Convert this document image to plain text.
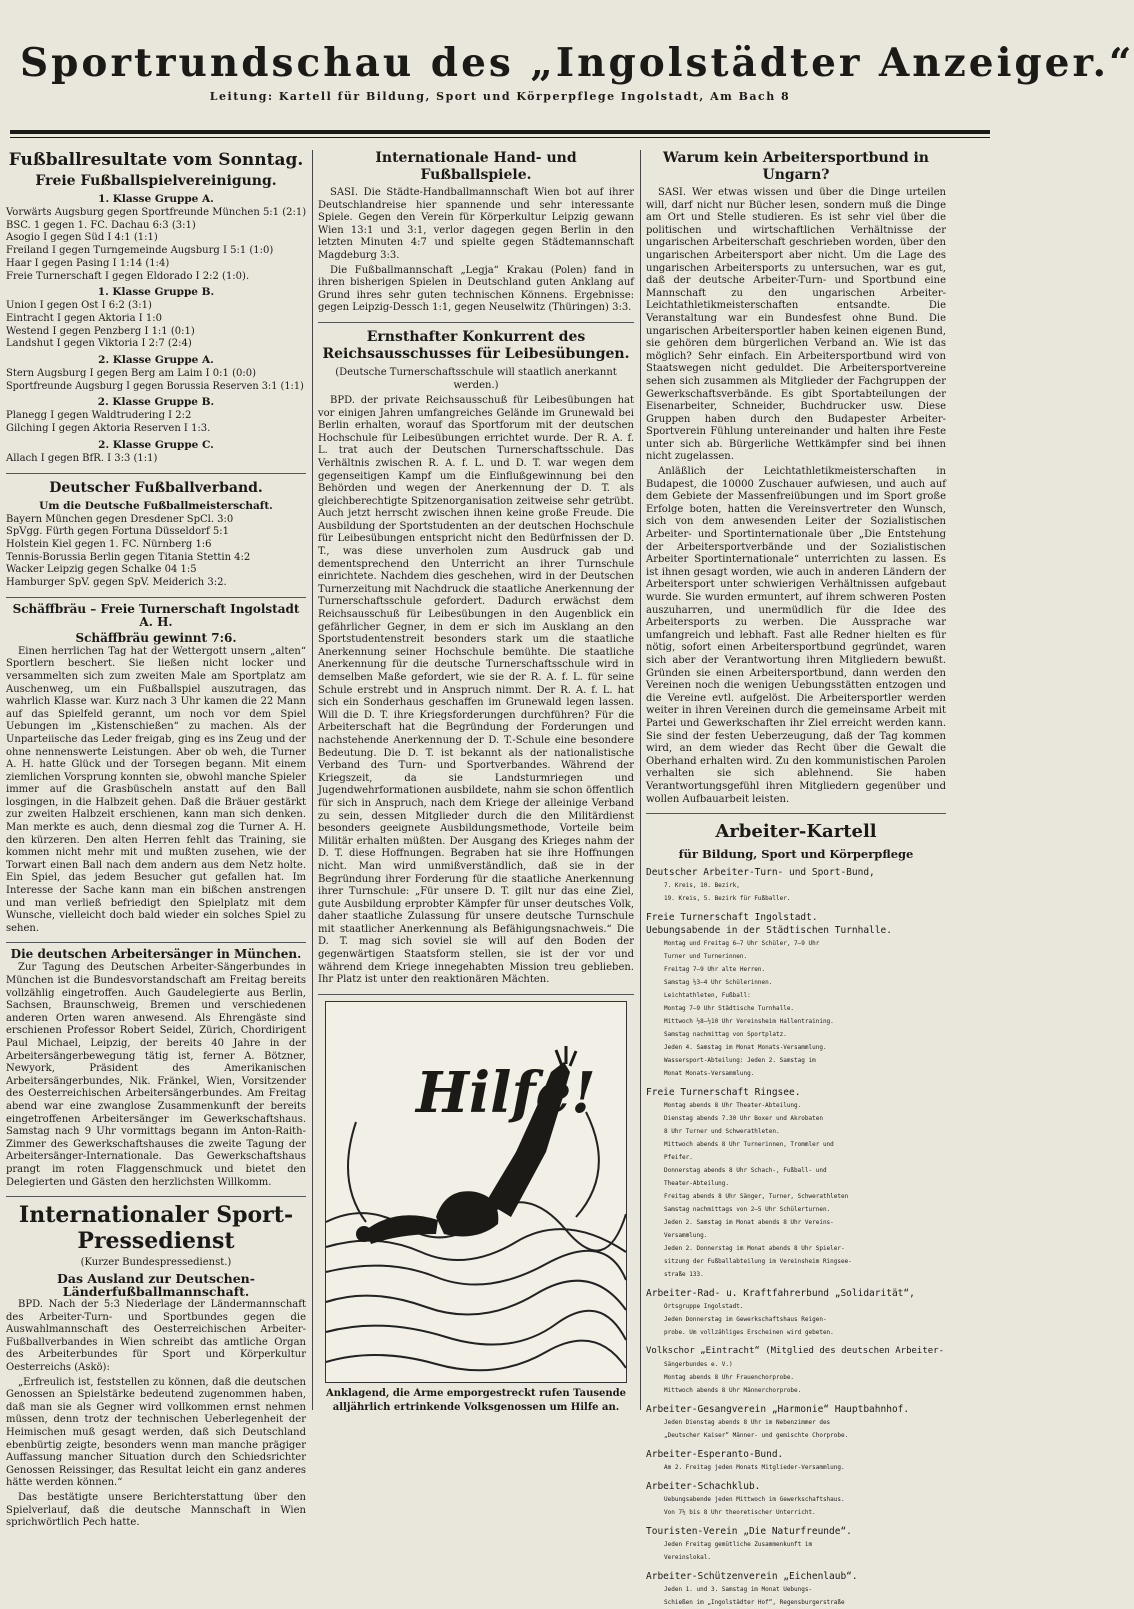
Sportrundschau des „Ingolstädter Anzeiger.“
Leitung: Kartell für Bildung, Sport und Körperpflege Ingolstadt, Am Bach 8
Fußballresultate vom Sonntag.
Freie Fußballspielvereinigung.
1. Klasse Gruppe A.
Vorwärts Augsburg gegen Sportfreunde München 5:1 (2:1)
BSC. 1 gegen 1. FC. Dachau 6:3 (3:1)
Asogio I gegen Süd I 4:1 (1:1)
Freiland I gegen Turngemeinde Augsburg I 5:1 (1:0)
Haar I gegen Pasing I 1:14 (1:4)
Freie Turnerschaft I gegen Eldorado I 2:2 (1:0).
1. Klasse Gruppe B.
Union I gegen Ost I 6:2 (3:1)
Eintracht I gegen Aktoria I 1:0
Westend I gegen Penzberg I 1:1 (0:1)
Landshut I gegen Viktoria I 2:7 (2:4)
2. Klasse Gruppe A.
Stern Augsburg I gegen Berg am Laim I 0:1 (0:0)
Sportfreunde Augsburg I gegen Borussia Reserven 3:1 (1:1)
2. Klasse Gruppe B.
Planegg I gegen Waldtrudering I 2:2
Gilching I gegen Aktoria Reserven I 1:3.
2. Klasse Gruppe C.
Allach I gegen BfR. I 3:3 (1:1)
Deutscher Fußballverband.
Um die Deutsche Fußballmeisterschaft.
Bayern München gegen Dresdener SpCl. 3:0
SpVgg. Fürth gegen Fortuna Düsseldorf 5:1
Holstein Kiel gegen 1. FC. Nürnberg 1:6
Tennis-Borussia Berlin gegen Titania Stettin 4:2
Wacker Leipzig gegen Schalke 04 1:5
Hamburger SpV. gegen SpV. Meiderich 3:2.
Schäffbräu – Freie Turnerschaft Ingolstadt A. H.
Schäffbräu gewinnt 7:6.

Einen herrlichen Tag hat der Wettergott unsern „alten“ Sportlern beschert. Sie ließen nicht locker und versammelten sich zum zweiten Male am Sportplatz am Auschenweg, um ein Fußballspiel auszutragen, das wahrlich Klasse war. Kurz nach 3 Uhr kamen die 22 Mann auf das Spielfeld gerannt, um noch vor dem Spiel Uebungen im „Kistenschießen“ zu machen. Als der Unparteiische das Leder freigab, ging es ins Zeug und der ohne nennenswerte Leistungen. Aber ob weh, die Turner A. H. hatte Glück und der Torsegen begann. Mit einem ziemlichen Vorsprung konnten sie, obwohl manche Spieler immer auf die Grasbüscheln anstatt auf den Ball losgingen, in die Halbzeit gehen. Daß die Bräuer gestärkt zur zweiten Halbzeit erschienen, kann man sich denken. Man merkte es auch, denn diesmal zog die Turner A. H. den kürzeren. Den alten Herren fehlt das Training, sie kommen nicht mehr mit und mußten zusehen, wie der Torwart einen Ball nach dem andern aus dem Netz holte. Ein Spiel, das jedem Besucher gut gefallen hat. Im Interesse der Sache kann man ein bißchen anstrengen und man verließ befriedigt den Spielplatz mit dem Wunsche, vielleicht doch bald wieder ein solches Spiel zu sehen.

Die deutschen Arbeitersänger in München.

Zur Tagung des Deutschen Arbeiter-Sängerbundes in München ist die Bundesvorstandschaft am Freitag bereits vollzählig eingetroffen. Auch Gaudelegierte aus Berlin, Sachsen, Braunschweig, Bremen und verschiedenen anderen Orten waren anwesend. Als Ehrengäste sind erschienen Professor Robert Seidel, Zürich, Chordirigent Paul Michael, Leipzig, der bereits 40 Jahre in der Arbeitersängerbewegung tätig ist, ferner A. Bötzner, Newyork, Präsident des Amerikanischen Arbeitersängerbundes, Nik. Fränkel, Wien, Vorsitzender des Oesterreichischen Arbeitersängerbundes. Am Freitag abend war eine zwanglose Zusammenkunft der bereits eingetroffenen Arbeitersänger im Gewerkschaftshaus. Samstag nach 9 Uhr vormittags begann im Anton-Raith-Zimmer des Gewerkschaftshauses die zweite Tagung der Arbeitersänger-Internationale. Das Gewerkschaftshaus prangt im roten Flaggenschmuck und bietet den Delegierten und Gästen den herzlichsten Willkomm.

Internationaler Sport-Pressedienst
(Kurzer Bundespressedienst.)
Das Ausland zur Deutschen-Länderfußballmannschaft.

BPD. Nach der 5:3 Niederlage der Ländermannschaft des Arbeiter-Turn- und Sportbundes gegen die Auswahlmannschaft des Oesterreichischen Arbeiter-Fußballverbandes in Wien schreibt das amtliche Organ des Arbeiterbundes für Sport und Körperkultur Oesterreichs (Askö):

„Erfreulich ist, feststellen zu können, daß die deutschen Genossen an Spielstärke bedeutend zugenommen haben, daß man sie als Gegner wird vollkommen ernst nehmen müssen, denn trotz der technischen Ueberlegenheit der Heimischen muß gesagt werden, daß sich Deutschland ebenbürtig zeigte, besonders wenn man manche prägiger Auffassung mancher Situation durch den Schiedsrichter Genossen Reissinger, das Resultat leicht ein ganz anderes hätte werden können.“

Das bestätigte unsere Berichterstattung über den Spielverlauf, daß die deutsche Mannschaft in Wien sprichwörtlich Pech hatte.

Internationale Hand- und Fußballspiele.

SASI. Die Städte-Handballmannschaft Wien bot auf ihrer Deutschlandreise hier spannende und sehr interessante Spiele. Gegen den Verein für Körperkultur Leipzig gewann Wien 13:1 und 3:1, verlor dagegen gegen Berlin in den letzten Minuten 4:7 und spielte gegen Städtemannschaft Magdeburg 3:3.

Die Fußballmannschaft „Legja“ Krakau (Polen) fand in ihren bisherigen Spielen in Deutschland guten Anklang auf Grund ihres sehr guten technischen Könnens. Ergebnisse: gegen Leipzig-Dessch 1:1, gegen Neuselwitz (Thüringen) 3:3.

Ernsthafter Konkurrent des Reichsausschusses für Leibesübungen.
(Deutsche Turnerschaftsschule will staatlich anerkannt werden.)

BPD. der private Reichsausschuß für Leibesübungen hat vor einigen Jahren umfangreiches Gelände im Grunewald bei Berlin erhalten, worauf das Sportforum mit der deutschen Hochschule für Leibesübungen errichtet wurde. Der R. A. f. L. trat auch der Deutschen Turnerschaftsschule. Das Verhältnis zwischen R. A. f. L. und D. T. war wegen dem gegenseitigen Kampf um die Einflußgewinnung bei den Behörden und wegen der Anerkennung der D. T. als gleichberechtigte Spitzenorganisation zeitweise sehr getrübt. Auch jetzt herrscht zwischen ihnen keine große Freude. Die Ausbildung der Sportstudenten an der deutschen Hochschule für Leibesübungen entspricht nicht den Bedürfnissen der D. T., was diese unverholen zum Ausdruck gab und dementsprechend den Unterricht an ihrer Turnschule einrichtete. Nachdem dies geschehen, wird in der Deutschen Turnerzeitung mit Nachdruck die staatliche Anerkennung der Turnerschaftsschule gefordert. Dadurch erwächst dem Reichsausschuß für Leibesübungen in den Augenblick ein gefährlicher Gegner, in dem er sich im Ausklang an den Sportstudentenstreit besonders stark um die staatliche Anerkennung seiner Hochschule bemühte. Die staatliche Anerkennung für die deutsche Turnerschaftsschule wird in demselben Maße gefordert, wie sie der R. A. f. L. für seine Schule erstrebt und in Anspruch nimmt. Der R. A. f. L. hat sich ein Sonderhaus geschaffen im Grunewald legen lassen. Will die D. T. ihre Kriegsforderungen durchführen? Für die Arbeiterschaft hat die Begründung der Forderungen und nachstehende Anerkennung der D. T.-Schule eine besondere Bedeutung. Die D. T. ist bekannt als der nationalistische Verband des Turn- und Sportverbandes. Während der Kriegszeit, da sie Landsturmriegen und Jugendwehrformationen ausbildete, nahm sie schon öffentlich für sich in Anspruch, nach dem Kriege der alleinige Verband zu sein, dessen Mitglieder durch die den Militärdienst besonders geeignete Ausbildungsmethode, Vorteile beim Militär erhalten müßten. Der Ausgang des Krieges nahm der D. T. diese Hoffnungen. Begraben hat sie ihre Hoffnungen nicht. Man wird unmißverständlich, daß sie in der Begründung ihrer Forderung für die staatliche Anerkennung ihrer Turnschule: „Für unsere D. T. gilt nur das eine Ziel, gute Ausbildung erprobter Kämpfer für unser deutsches Volk, daher staatliche Zulassung für unsere deutsche Turnschule mit staatlicher Anerkennung als Befähigungsnachweis.“ Die D. T. mag sich soviel sie will auf den Boden der gegenwärtigen Staatsform stellen, sie ist der vor und während dem Kriege innegehabten Mission treu geblieben. Ihr Platz ist unter den reaktionären Mächten.

Hilfe!
Anklagend, die Arme emporgestreckt rufen Tausende alljährlich ertrinkende Volksgenossen um Hilfe an.
Warum kein Arbeitersportbund in Ungarn?

SASI. Wer etwas wissen und über die Dinge urteilen will, darf nicht nur Bücher lesen, sondern muß die Dinge am Ort und Stelle studieren. Es ist sehr viel über die politischen und wirtschaftlichen Verhältnisse der ungarischen Arbeiterschaft geschrieben worden, über den ungarischen Arbeitersport aber nicht. Um die Lage des ungarischen Arbeitersports zu untersuchen, war es gut, daß der deutsche Arbeiter-Turn- und Sportbund eine Mannschaft zu den ungarischen Arbeiter-Leichtathletikmeisterschaften entsandte. Die Veranstaltung war ein Bundesfest ohne Bund. Die ungarischen Arbeitersportler haben keinen eigenen Bund, sie gehören dem bürgerlichen Verband an. Wie ist das möglich? Sehr einfach. Ein Arbeitersportbund wird von Staatswegen nicht geduldet. Die Arbeitersportvereine sehen sich zusammen als Mitglieder der Fachgruppen der Gewerkschaftsverbände. Es gibt Sportabteilungen der Eisenarbeiter, Schneider, Buchdrucker usw. Diese Gruppen haben durch den Budapester Arbeiter-Sportverein Fühlung untereinander und halten ihre Feste unter sich ab. Bürgerliche Wettkämpfer sind bei ihnen nicht zugelassen.

Anläßlich der Leichtathletikmeisterschaften in Budapest, die 10000 Zuschauer aufwiesen, und auch auf dem Gebiete der Massenfreiübungen und im Sport große Erfolge boten, hatten die Vereinsvertreter den Wunsch, sich von dem anwesenden Leiter der Sozialistischen Arbeiter- und Sportinternationale über „Die Entstehung der Arbeitersportverbände und der Sozialistischen Arbeiter Sportinternationale“ unterrichten zu lassen. Es ist ihnen gesagt worden, wie auch in anderen Ländern der Arbeitersport unter schwierigen Verhältnissen aufgebaut wurde. Sie wurden ermuntert, auf ihrem schweren Posten auszuharren, und unermüdlich für die Idee des Arbeitersports zu werben. Die Aussprache war umfangreich und lebhaft. Fast alle Redner hielten es für nötig, sofort einen Arbeitersportbund gegründet, waren sich aber der Verantwortung ihren Mitgliedern bewußt. Gründen sie einen Arbeitersportbund, dann werden den Vereinen noch die wenigen Uebungsstätten entzogen und die Vereine evtl. aufgelöst. Die Arbeitersportler werden weiter in ihren Vereinen durch die gemeinsame Arbeit mit Partei und Gewerkschaften ihr Ziel erreicht werden kann. Sie sind der festen Ueberzeugung, daß der Tag kommen wird, an dem wieder das Recht über die Gewalt die Oberhand erhalten wird. Zu den kommunistischen Parolen verhalten sie sich ablehnend. Sie haben Verantwortungsgefühl ihren Mitgliedern gegenüber und wollen Aufbauarbeit leisten.

Arbeiter-Kartell
für Bildung, Sport und Körperpflege
Deutscher Arbeiter-Turn- und Sport-Bund,
7. Kreis, 10. Bezirk,
19. Kreis, 5. Bezirk für Fußballer.
Freie Turnerschaft Ingolstadt.
Uebungsabende in der Städtischen Turnhalle.
Montag und Freitag 6–7 Uhr Schüler, 7–9 Uhr
Turner und Turnerinnen.
Freitag 7–9 Uhr alte Herren.
Samstag ½3–4 Uhr Schülerinnen.
Leichtathleten, Fußball:
Montag 7–9 Uhr Städtische Turnhalle.
Mittwoch ½8–½10 Uhr Vereinsheim Hallentraining.
Samstag nachmittag von Sportplatz.
Jeden 4. Samstag im Monat Monats-Versammlung.
Wassersport-Abteilung: Jeden 2. Samstag im
Monat Monats-Versammlung.
Freie Turnerschaft Ringsee.
Montag abends 8 Uhr Theater-Abteilung.
Dienstag abends 7.30 Uhr Boxer und Akrobaten
8 Uhr Turner und Schwerathleten.
Mittwoch abends 8 Uhr Turnerinnen, Trommler und
Pfeifer.
Donnerstag abends 8 Uhr Schach-, Fußball- und
Theater-Abteilung.
Freitag abends 8 Uhr Sänger, Turner, Schwerathleten
Samstag nachmittags von 2–5 Uhr Schülerturnen.
Jeden 2. Samstag im Monat abends 8 Uhr Vereins-
Versammlung.
Jeden 2. Donnerstag im Monat abends 8 Uhr Spieler-
sitzung der Fußballabteilung im Vereinsheim Ringsee-
straße 133.
Arbeiter-Rad- u. Kraftfahrerbund „Solidarität“,
Ortsgruppe Ingolstadt.
Jeden Donnerstag im Gewerkschaftshaus Reigen-
probe. Um vollzähliges Erscheinen wird gebeten.
Volkschor „Eintracht“ (Mitglied des deutschen Arbeiter-
Sängerbundes e. V.)
Montag abends 8 Uhr Frauenchorprobe.
Mittwoch abends 8 Uhr Männerchorprobe.
Arbeiter-Gesangverein „Harmonie“ Hauptbahnhof.
Jeden Dienstag abends 8 Uhr im Nebenzimmer des
„Deutscher Kaiser“ Männer- und gemischte Chorprobe.
Arbeiter-Esperanto-Bund.
Am 2. Freitag jeden Monats Mitglieder-Versammlung.
Arbeiter-Schachklub.
Uebungsabende jeden Mittwoch im Gewerkschaftshaus.
Von 7½ bis 8 Uhr theoretischer Unterricht.
Touristen-Verein „Die Naturfreunde“.
Jeden Freitag gemütliche Zusammenkunft im
Vereinslokal.
Arbeiter-Schützenverein „Eichenlaub“.
Jeden 1. und 3. Samstag im Monat Uebungs-
Schießen im „Ingolstädter Hof“, Regensburgerstraße
